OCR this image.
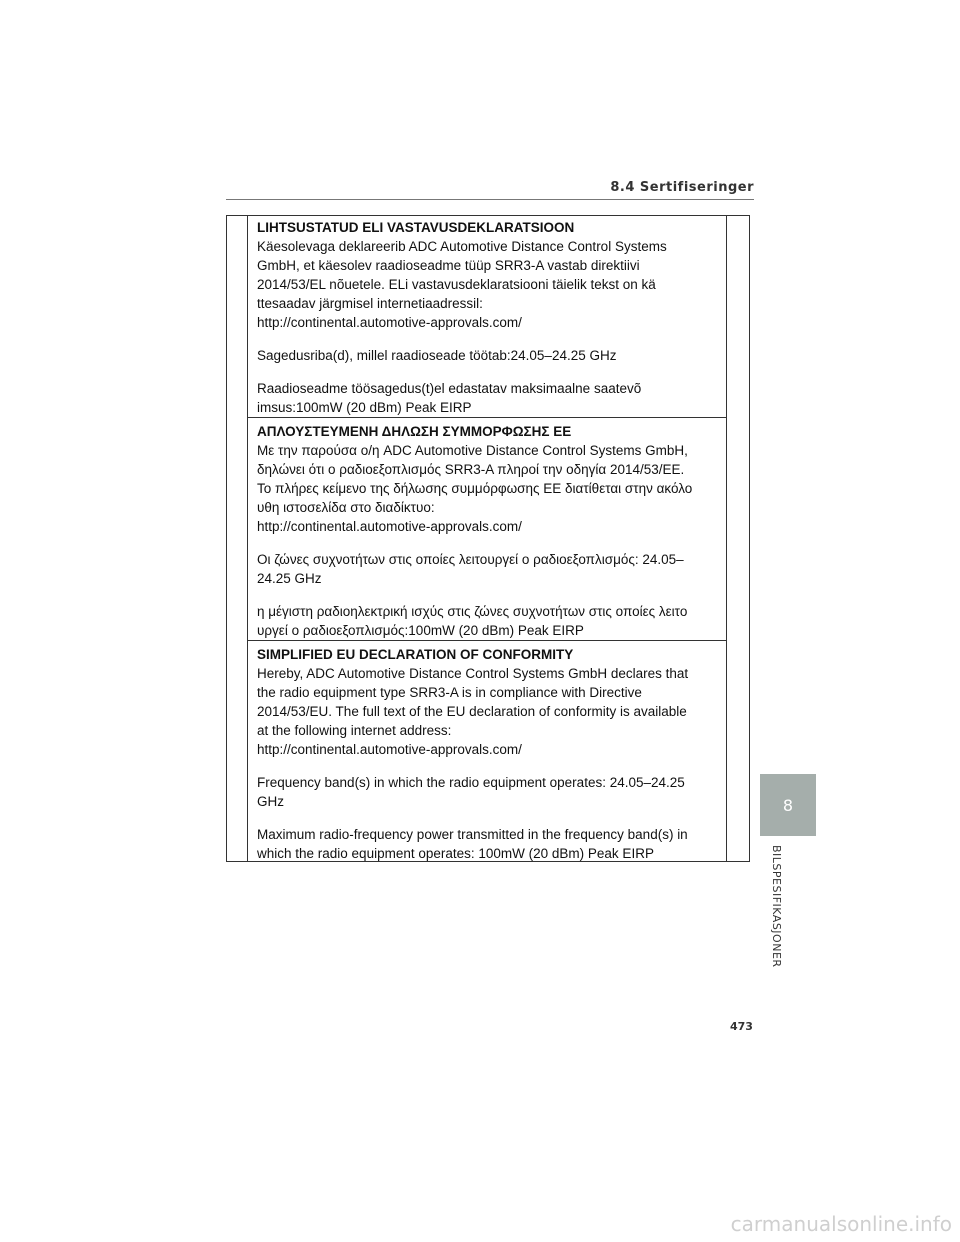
8.4 Sertifiseringer

LIHTSUSTATUD ELI VASTAVUSDEKLARATSIOON

Käesolevaga deklareerib ADC Automotive Distance Control Systems

GmbH, et käesolev raadioseadme tüüp SRR3-A vastab direktiivi

2014/53/EL nõuetele. ELi vastavusdeklaratsiooni täielik tekst on kä

ttesaadav järgmisel internetiaadressil:

http://continental.automotive-approvals.com/

Sagedusriba(d), millel raadioseade töötab:24.05–24.25 GHz

Raadioseadme töösagedus(t)el edastatav maksimaalne saatevõ

imsus:100mW (20 dBm) Peak EIRP

ΑΠΛΟΥΣΤΕΥΜΕΝΗ ΔΗΛΩΣΗ ΣΥΜΜΟΡΦΩΣΗΣ ΕΕ

Με την παρούσα ο/η ADC Automotive Distance Control Systems GmbH,

δηλώνει ότι ο ραδιοεξοπλισμός SRR3-A πληροί την οδηγία 2014/53/ΕΕ.

Το πλήρες κείμενο της δήλωσης συμμόρφωσης ΕΕ διατίθεται στην ακόλο

υθη ιστοσελίδα στο διαδίκτυο:

http://continental.automotive-approvals.com/

Οι ζώνες συχνοτήτων στις οποίες λειτουργεί ο ραδιοεξοπλισμός: 24.05–

24.25 GHz

η μέγιστη ραδιοηλεκτρική ισχύς στις ζώνες συχνοτήτων στις οποίες λειτο

υργεί ο ραδιοεξοπλισμός:100mW (20 dBm) Peak EIRP

SIMPLIFIED EU DECLARATION OF CONFORMITY

Hereby, ADC Automotive Distance Control Systems GmbH declares that

the radio equipment type SRR3-A is in compliance with Directive

2014/53/EU. The full text of the EU declaration of conformity is available

at the following internet address:

http://continental.automotive-approvals.com/

Frequency band(s) in which the radio equipment operates: 24.05–24.25

GHz

Maximum radio-frequency power transmitted in the frequency band(s) in

which the radio equipment operates: 100mW (20 dBm) Peak EIRP

8
BILSPESIFIKASJONER
473
carmanualsonline.info
